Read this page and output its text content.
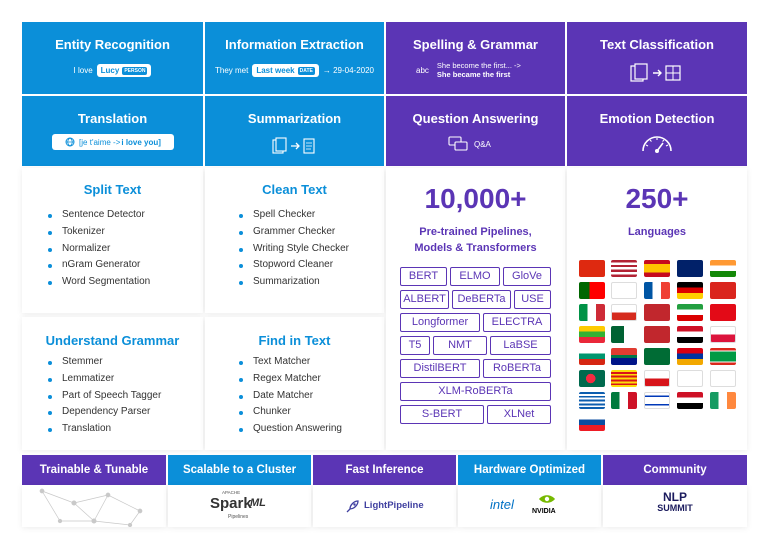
Entity Recognition
I love Lucy	PERSON
Information Extraction
They met Last week	DATE → 29-04-2020
Spelling & Grammar
abc She become the first... ->
She became the first
Text Classification
Translation
[je t'aime -> i love you]
Summarization	Question Answering
Q&A
Emotion Detection
Split Text
Sentence Detector
Tokenizer
Normalizer
nGram Generator
Word Segmentation
Clean Text
Spell Checker
Grammer Checker
Writing Style Checker
Stopword Cleaner
Summarization
Understand Grammar
Stemmer
Lemmatizer
Part of Speech Tagger
Dependency Parser
Translation
Find in Text
Text Matcher
Regex Matcher
Date Matcher
Chunker
Question Answering
10,000+
Pre-trained Pipelines,
Models & Transformers
BERT	ELMO	GloVe
ALBERT	DeBERTa	USE
Longformer	ELECTRA
T5	NMT	LaBSE
DistilBERT	RoBERTa
XLM-RoBERTa
S-BERT	XLNet
250+
Languages
Trainable & Tunable	Scalable to a Cluster
APACHE
Spark
ML
Pipelines
Fast Inference
LightPipeline
Hardware Optimized
intel	NVIDIA
Community
NLP
SUMMIT
